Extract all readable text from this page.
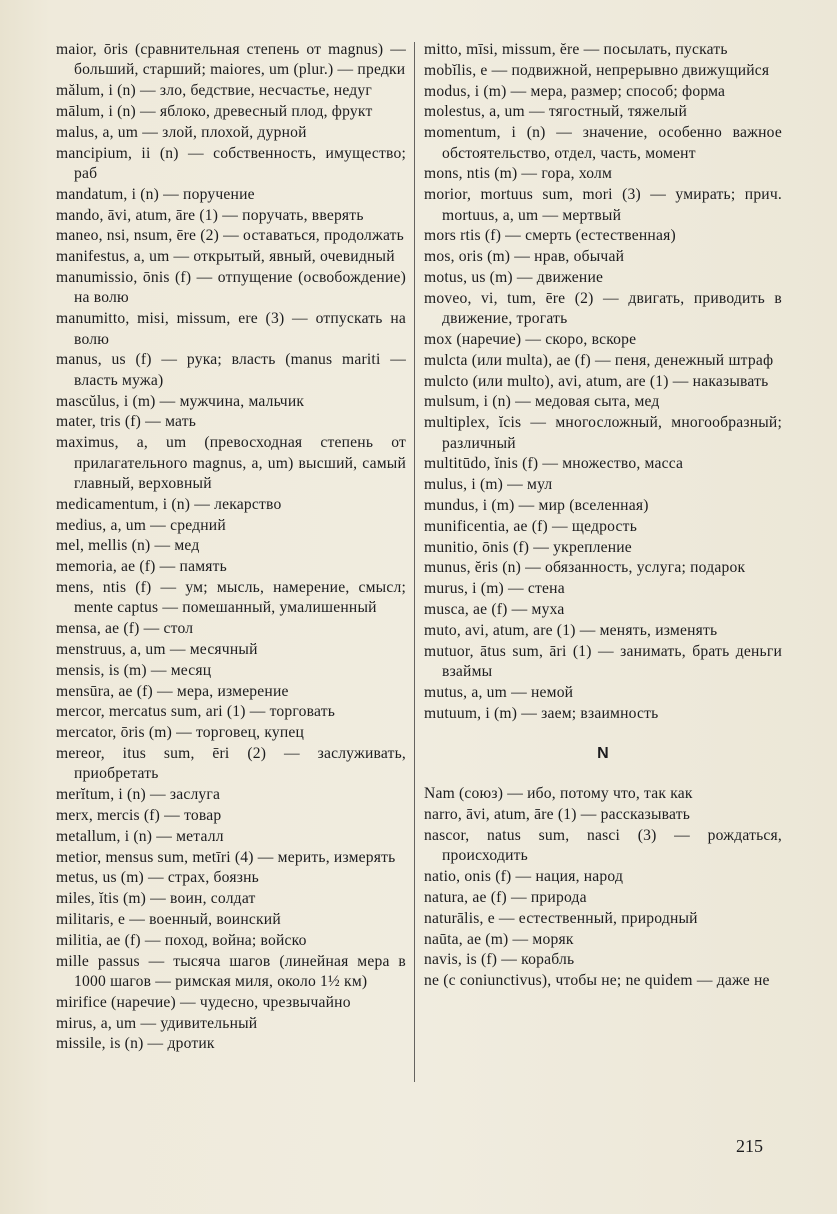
maior, ōris (сравнительная степень от magnus) — больший, старший; maiores, um (plur.) — предки

mălum, i (n) — зло, бедствие, несчастье, недуг

mālum, i (n) — яблоко, древесный плод, фрукт

malus, a, um — злой, плохой, дурной

mancipium, ii (n) — собственность, имущество; раб

mandatum, i (n) — поручение

mando, āvi, atum, āre (1) — поручать, вверять

maneo, nsi, nsum, ēre (2) — оставаться, продолжать

manifestus, a, um — открытый, явный, очевидный

manumissio, ōnis (f) — отпущение (освобождение) на волю

manumitto, misi, missum, ere (3) — отпускать на волю

manus, us (f) — рука; власть (manus mariti — власть мужа)

mascŭlus, i (m) — мужчина, мальчик

mater, tris (f) — мать

maximus, a, um (превосходная степень от прилагательного magnus, a, um) высший, самый главный, верховный

medicamentum, i (n) — лекарство

medius, a, um — средний

mel, mellis (n) — мед

memoria, ae (f) — память

mens, ntis (f) — ум; мысль, намерение, смысл; mente captus — помешанный, умалишенный

mensa, ae (f) — стол

menstruus, a, um — месячный

mensis, is (m) — месяц

mensūra, ae (f) — мера, измерение

mercor, mercatus sum, ari (1) — торговать

mercator, ōris (m) — торговец, купец

mereor, itus sum, ēri (2) — заслуживать, приобретать

merĭtum, i (n) — заслуга

merx, mercis (f) — товар

metallum, i (n) — металл

metior, mensus sum, metīri (4) — мерить, измерять

metus, us (m) — страх, боязнь

miles, ĭtis (m) — воин, солдат

militaris, e — военный, воинский

militia, ae (f) — поход, война; войско

mille passus — тысяча шагов (линейная мера в 1000 шагов — римская миля, около 1½ км)

mirifice (наречие) — чудесно, чрезвычайно

mirus, a, um — удивительный

missile, is (n) — дротик

mitto, mīsi, missum, ĕre — посылать, пускать

mobĭlis, e — подвижной, непрерывно движущийся

modus, i (m) — мера, размер; способ; форма

molestus, a, um — тягостный, тяжелый

momentum, i (n) — значение, особенно важное обстоятельство, отдел, часть, момент

mons, ntis (m) — гора, холм

morior, mortuus sum, mori (3) — умирать; прич. mortuus, a, um — мертвый

mors rtis (f) — смерть (естественная)

mos, oris (m) — нрав, обычай

motus, us (m) — движение

moveo, vi, tum, ēre (2) — двигать, приводить в движение, трогать

mox (наречие) — скоро, вскоре

mulcta (или multa), ae (f) — пеня, денежный штраф

mulcto (или multo), avi, atum, are (1) — наказывать

mulsum, i (n) — медовая сыта, мед

multiplex, ĭcis — многосложный, многообразный; различный

multitūdo, ĭnis (f) — множество, масса

mulus, i (m) — мул

mundus, i (m) — мир (вселенная)

munificentia, ae (f) — щедрость

munitio, ōnis (f) — укрепление

munus, ĕris (n) — обязанность, услуга; подарок

murus, i (m) — стена

musca, ae (f) — муха

muto, avi, atum, are (1) — менять, изменять

mutuor, ātus sum, āri (1) — занимать, брать деньги взаймы

mutus, a, um — немой

mutuum, i (m) — заем; взаимность

N

Nam (союз) — ибо, потому что, так как

narro, āvi, atum, āre (1) — рассказывать

nascor, natus sum, nasci (3) — рождаться, происходить

natio, onis (f) — нация, народ

natura, ae (f) — природа

naturālis, e — естественный, природный

naūta, ae (m) — моряк

navis, is (f) — корабль

ne (с coniunctivus), чтобы не; ne quidem — даже не

215
